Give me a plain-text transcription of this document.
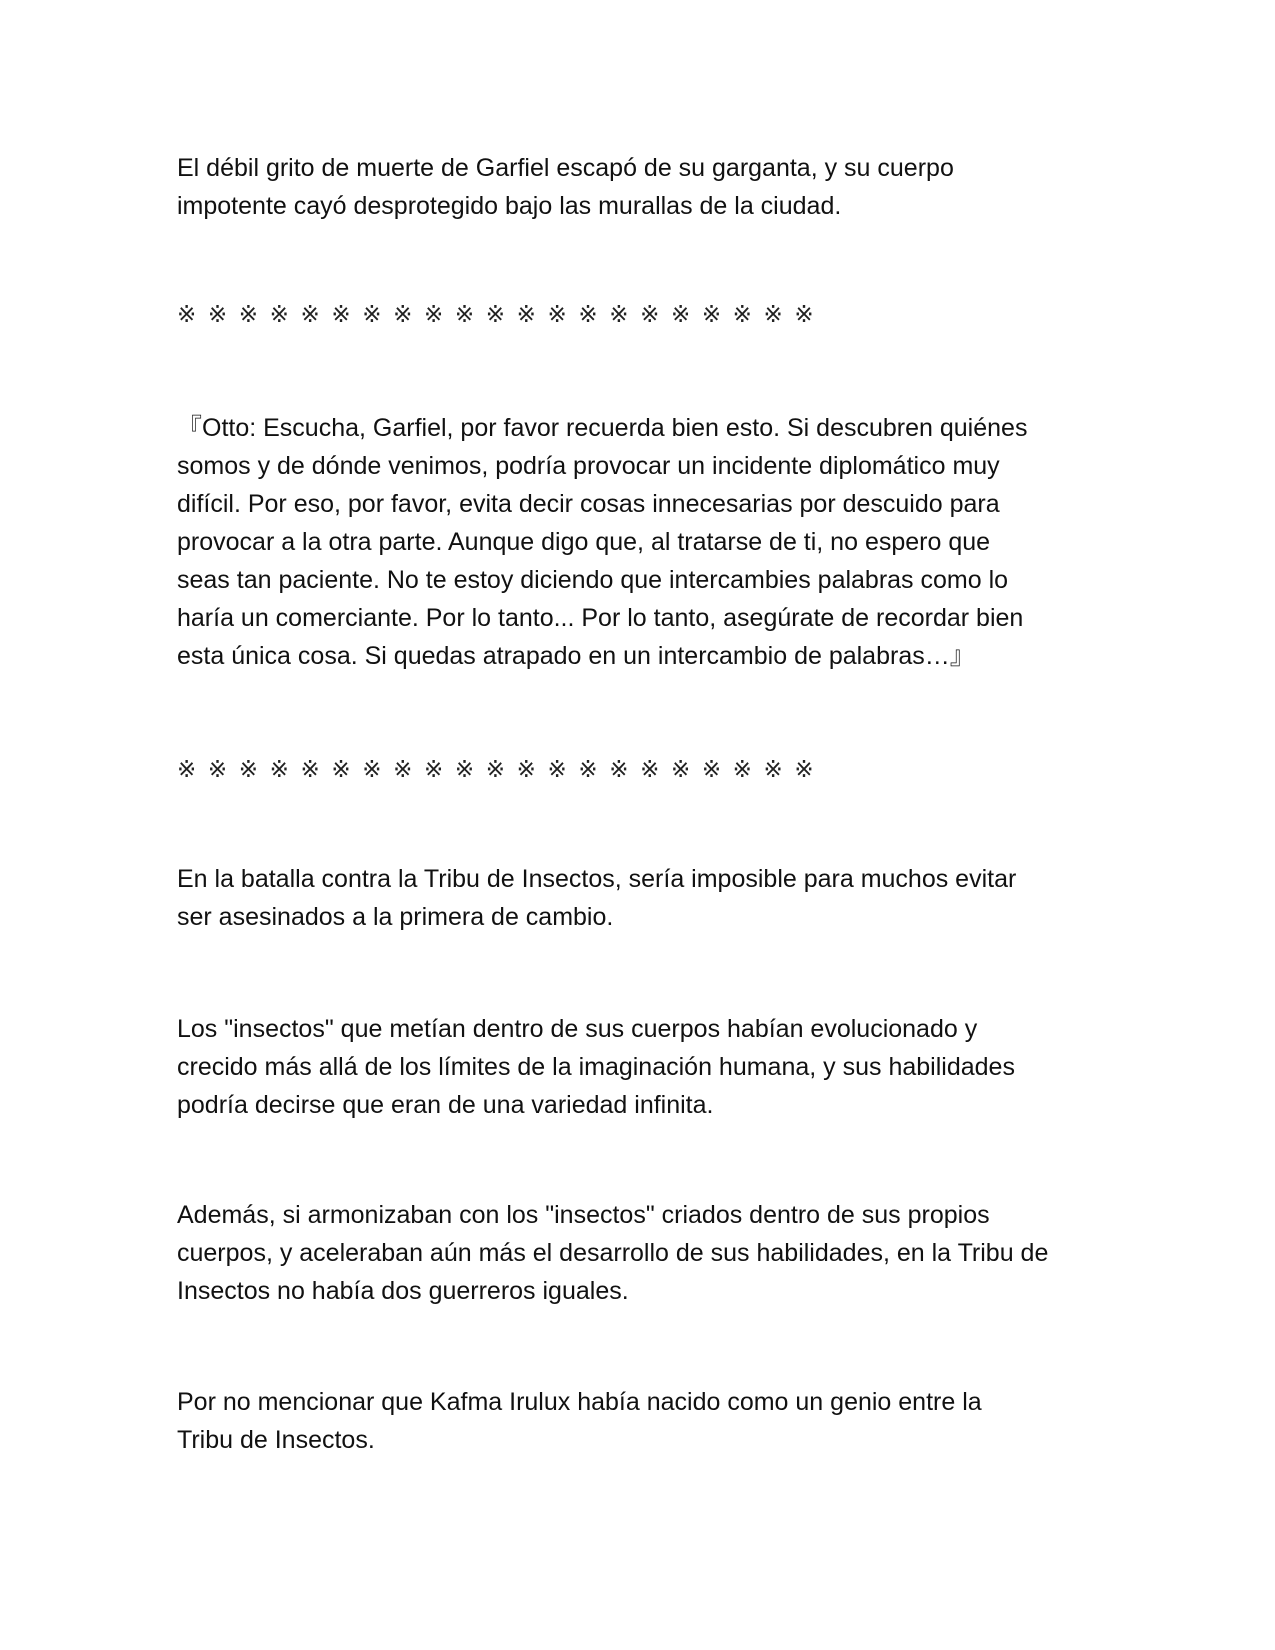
El débil grito de muerte de Garfiel escapó de su garganta, y su cuerpo
impotente cayó desprotegido bajo las murallas de la ciudad.

※※※※※※※※※※※※※※※※※※※※※

『Otto: Escucha, Garfiel, por favor recuerda bien esto. Si descubren quiénes
somos y de dónde venimos, podría provocar un incidente diplomático muy
difícil. Por eso, por favor, evita decir cosas innecesarias por descuido para
provocar a la otra parte. Aunque digo que, al tratarse de ti, no espero que
seas tan paciente. No te estoy diciendo que intercambies palabras como lo
haría un comerciante. Por lo tanto... Por lo tanto, asegúrate de recordar bien
esta única cosa. Si quedas atrapado en un intercambio de palabras…』

※※※※※※※※※※※※※※※※※※※※※

En la batalla contra la Tribu de Insectos, sería imposible para muchos evitar
ser asesinados a la primera de cambio.

Los "insectos" que metían dentro de sus cuerpos habían evolucionado y
crecido más allá de los límites de la imaginación humana, y sus habilidades
podría decirse que eran de una variedad infinita.

Además, si armonizaban con los "insectos" criados dentro de sus propios
cuerpos, y aceleraban aún más el desarrollo de sus habilidades, en la Tribu de
Insectos no había dos guerreros iguales.

Por no mencionar que Kafma Irulux había nacido como un genio entre la
Tribu de Insectos.
